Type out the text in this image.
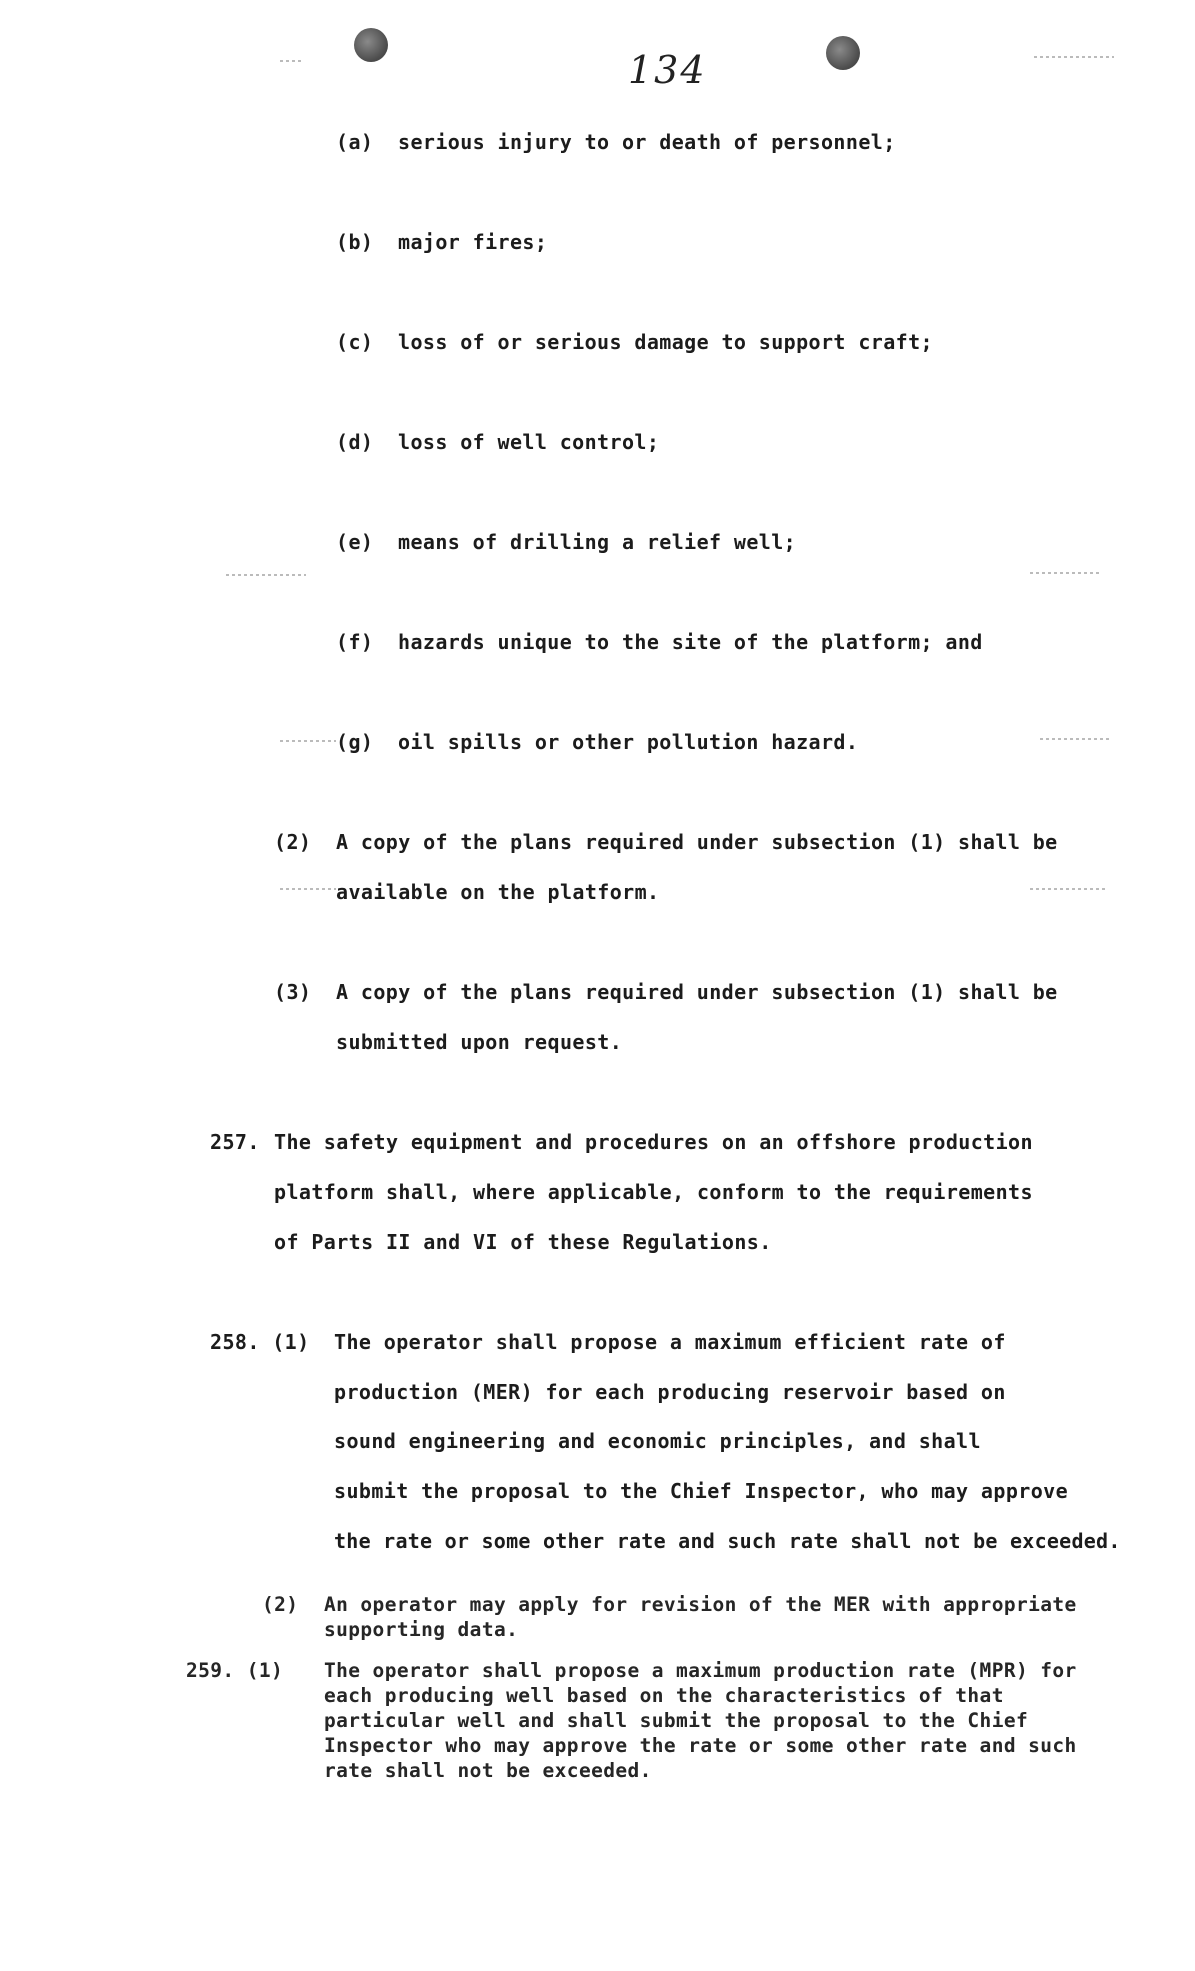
134
(a) serious injury to or death of personnel;
(b) major fires;
(c) loss of or serious damage to support craft;
(d) loss of well control;
(e) means of drilling a relief well;
(f) hazards unique to the site of the platform; and
(g) oil spills or other pollution hazard.
(2) A copy of the plans required under subsection (1) shall be
available on the platform.
(3) A copy of the plans required under subsection (1) shall be
submitted upon request.
257. The safety equipment and procedures on an offshore production
platform shall, where applicable, conform to the requirements
of Parts II and VI of these Regulations.
258. (1) The operator shall propose a maximum efficient rate of
production (MER) for each producing reservoir based on
sound engineering and economic principles, and shall
submit the proposal to the Chief Inspector, who may approve
the rate or some other rate and such rate shall not be exceeded.
(2) An operator may apply for revision of the MER with appropriate
supporting data.
259. (1) The operator shall propose a maximum production rate (MPR) for
each producing well based on the characteristics of that
particular well and shall submit the proposal to the Chief
Inspector who may approve the rate or some other rate and such
rate shall not be exceeded.
